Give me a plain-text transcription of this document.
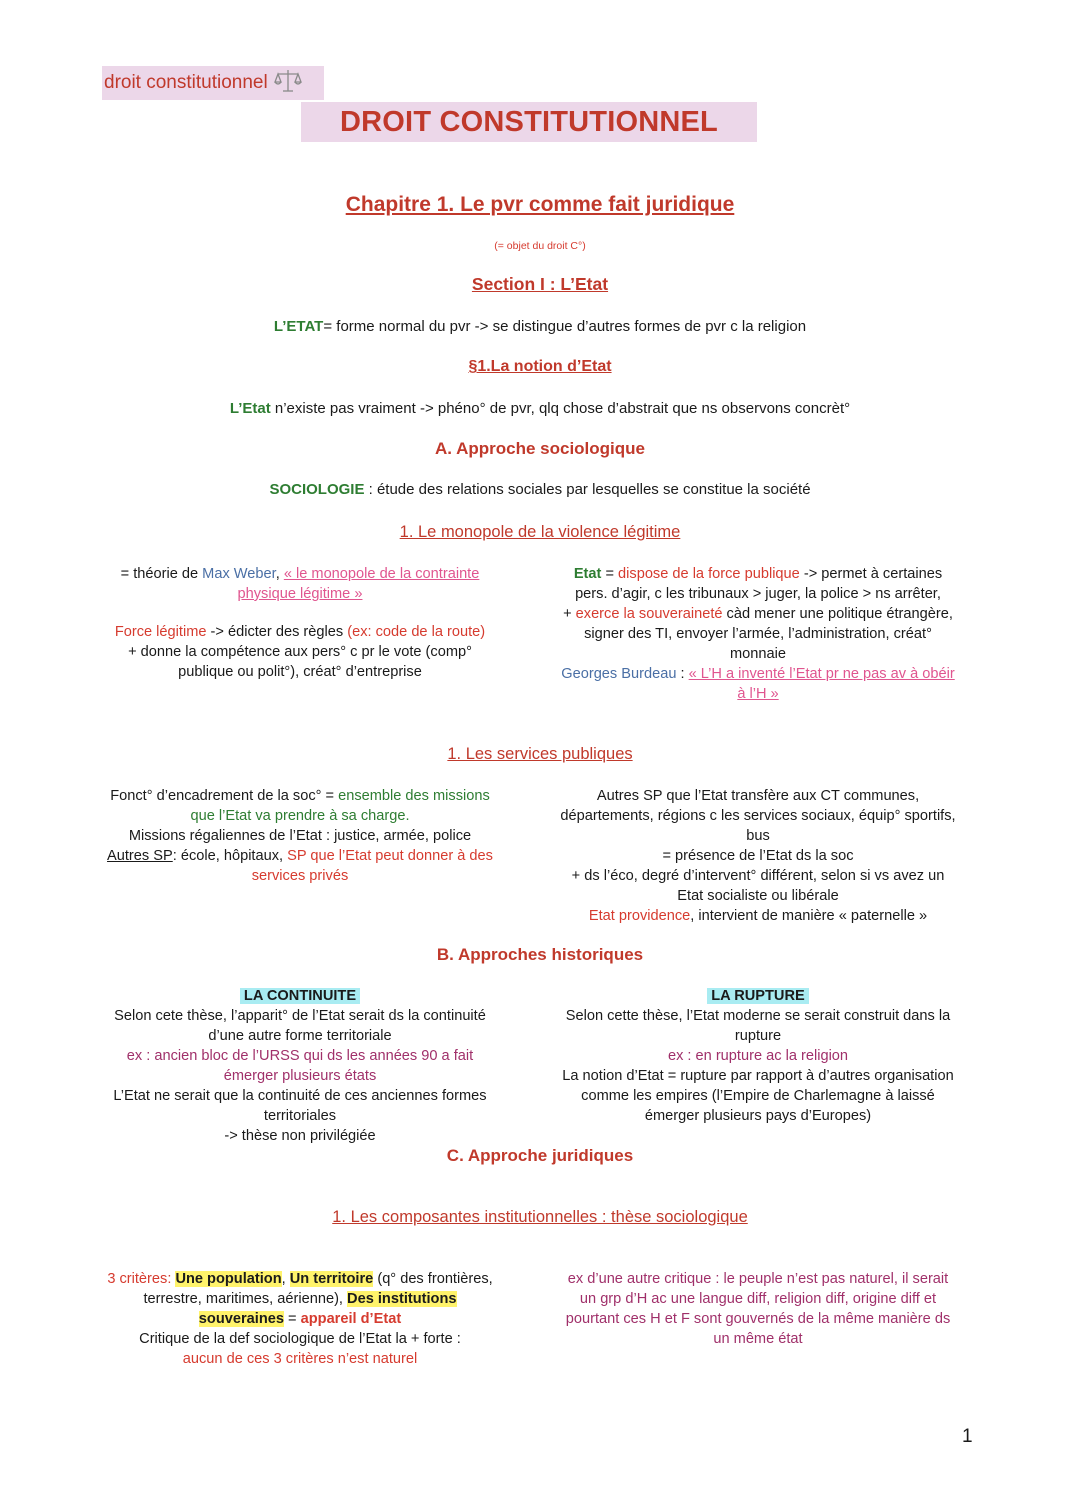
droit constitutionnel
DROIT CONSTITUTIONNEL
Chapitre 1. Le pvr comme fait juridique
(= objet du droit C°)
Section I : L’Etat
L’ETAT= forme normal du pvr -> se distingue d’autres formes de pvr c la religion
§1.La notion d’Etat
L’Etat n’existe pas vraiment -> phéno° de pvr, qlq chose d’abstrait que ns observons concrèt°
A. Approche sociologique
SOCIOLOGIE : étude des relations sociales par lesquelles se constitue la société
1. Le monopole de la violence légitime
= théorie de Max Weber, « le monopole de la contrainte physique légitime »
Force légitime -> édicter des règles (ex: code de la route)
+ donne la compétence aux pers° c pr le vote (comp° publique ou polit°), créat° d’entreprise
Etat = dispose de la force publique -> permet à certaines pers. d’agir, c les tribunaux > juger, la police > ns arrêter,
+ exerce la souveraineté càd mener une politique étrangère, signer des TI, envoyer l’armée, l’administration, créat° monnaie
Georges Burdeau : « L’H a inventé l’Etat pr ne pas av à obéir à l’H »
1. Les services publiques
Fonct° d’encadrement de la soc° = ensemble des missions que l’Etat va prendre à sa charge.
Missions régaliennes de l’Etat : justice, armée, police
Autres SP: école, hôpitaux, SP que l’Etat peut donner à des services privés
Autres SP que l’Etat transfère aux CT communes, départements, régions c les services sociaux, équip° sportifs, bus
= présence de l’Etat ds la soc
+ ds l’éco, degré d’intervent° différent, selon si vs avez un Etat socialiste ou libérale
Etat providence, intervient de manière « paternelle »
B. Approches historiques
LA CONTINUITE
Selon cete thèse, l’apparit° de l’Etat serait ds la continuité d’une autre forme territoriale
ex : ancien bloc de l’URSS qui ds les années 90 a fait émerger plusieurs états
L’Etat ne serait que la continuité de ces anciennes formes territoriales
-> thèse non privilégiée
LA RUPTURE
Selon cette thèse, l’Etat moderne se serait construit dans la rupture
ex : en rupture ac la religion
La notion d’Etat = rupture par rapport à d’autres organisation comme les empires (l’Empire de Charlemagne à laissé émerger plusieurs pays d’Europes)
C. Approche juridiques
1. Les composantes institutionnelles : thèse sociologique
3 critères: Une population, Un territoire (q° des frontières, terrestre, maritimes, aérienne), Des institutions souveraines = appareil d’Etat
Critique de la def sociologique de l’Etat la + forte :
aucun de ces 3 critères n’est naturel
ex d’une autre critique : le peuple n’est pas naturel, il serait un grp d’H ac une langue diff, religion diff, origine diff et pourtant ces H et F sont gouvernés de la même manière ds un même état
1
